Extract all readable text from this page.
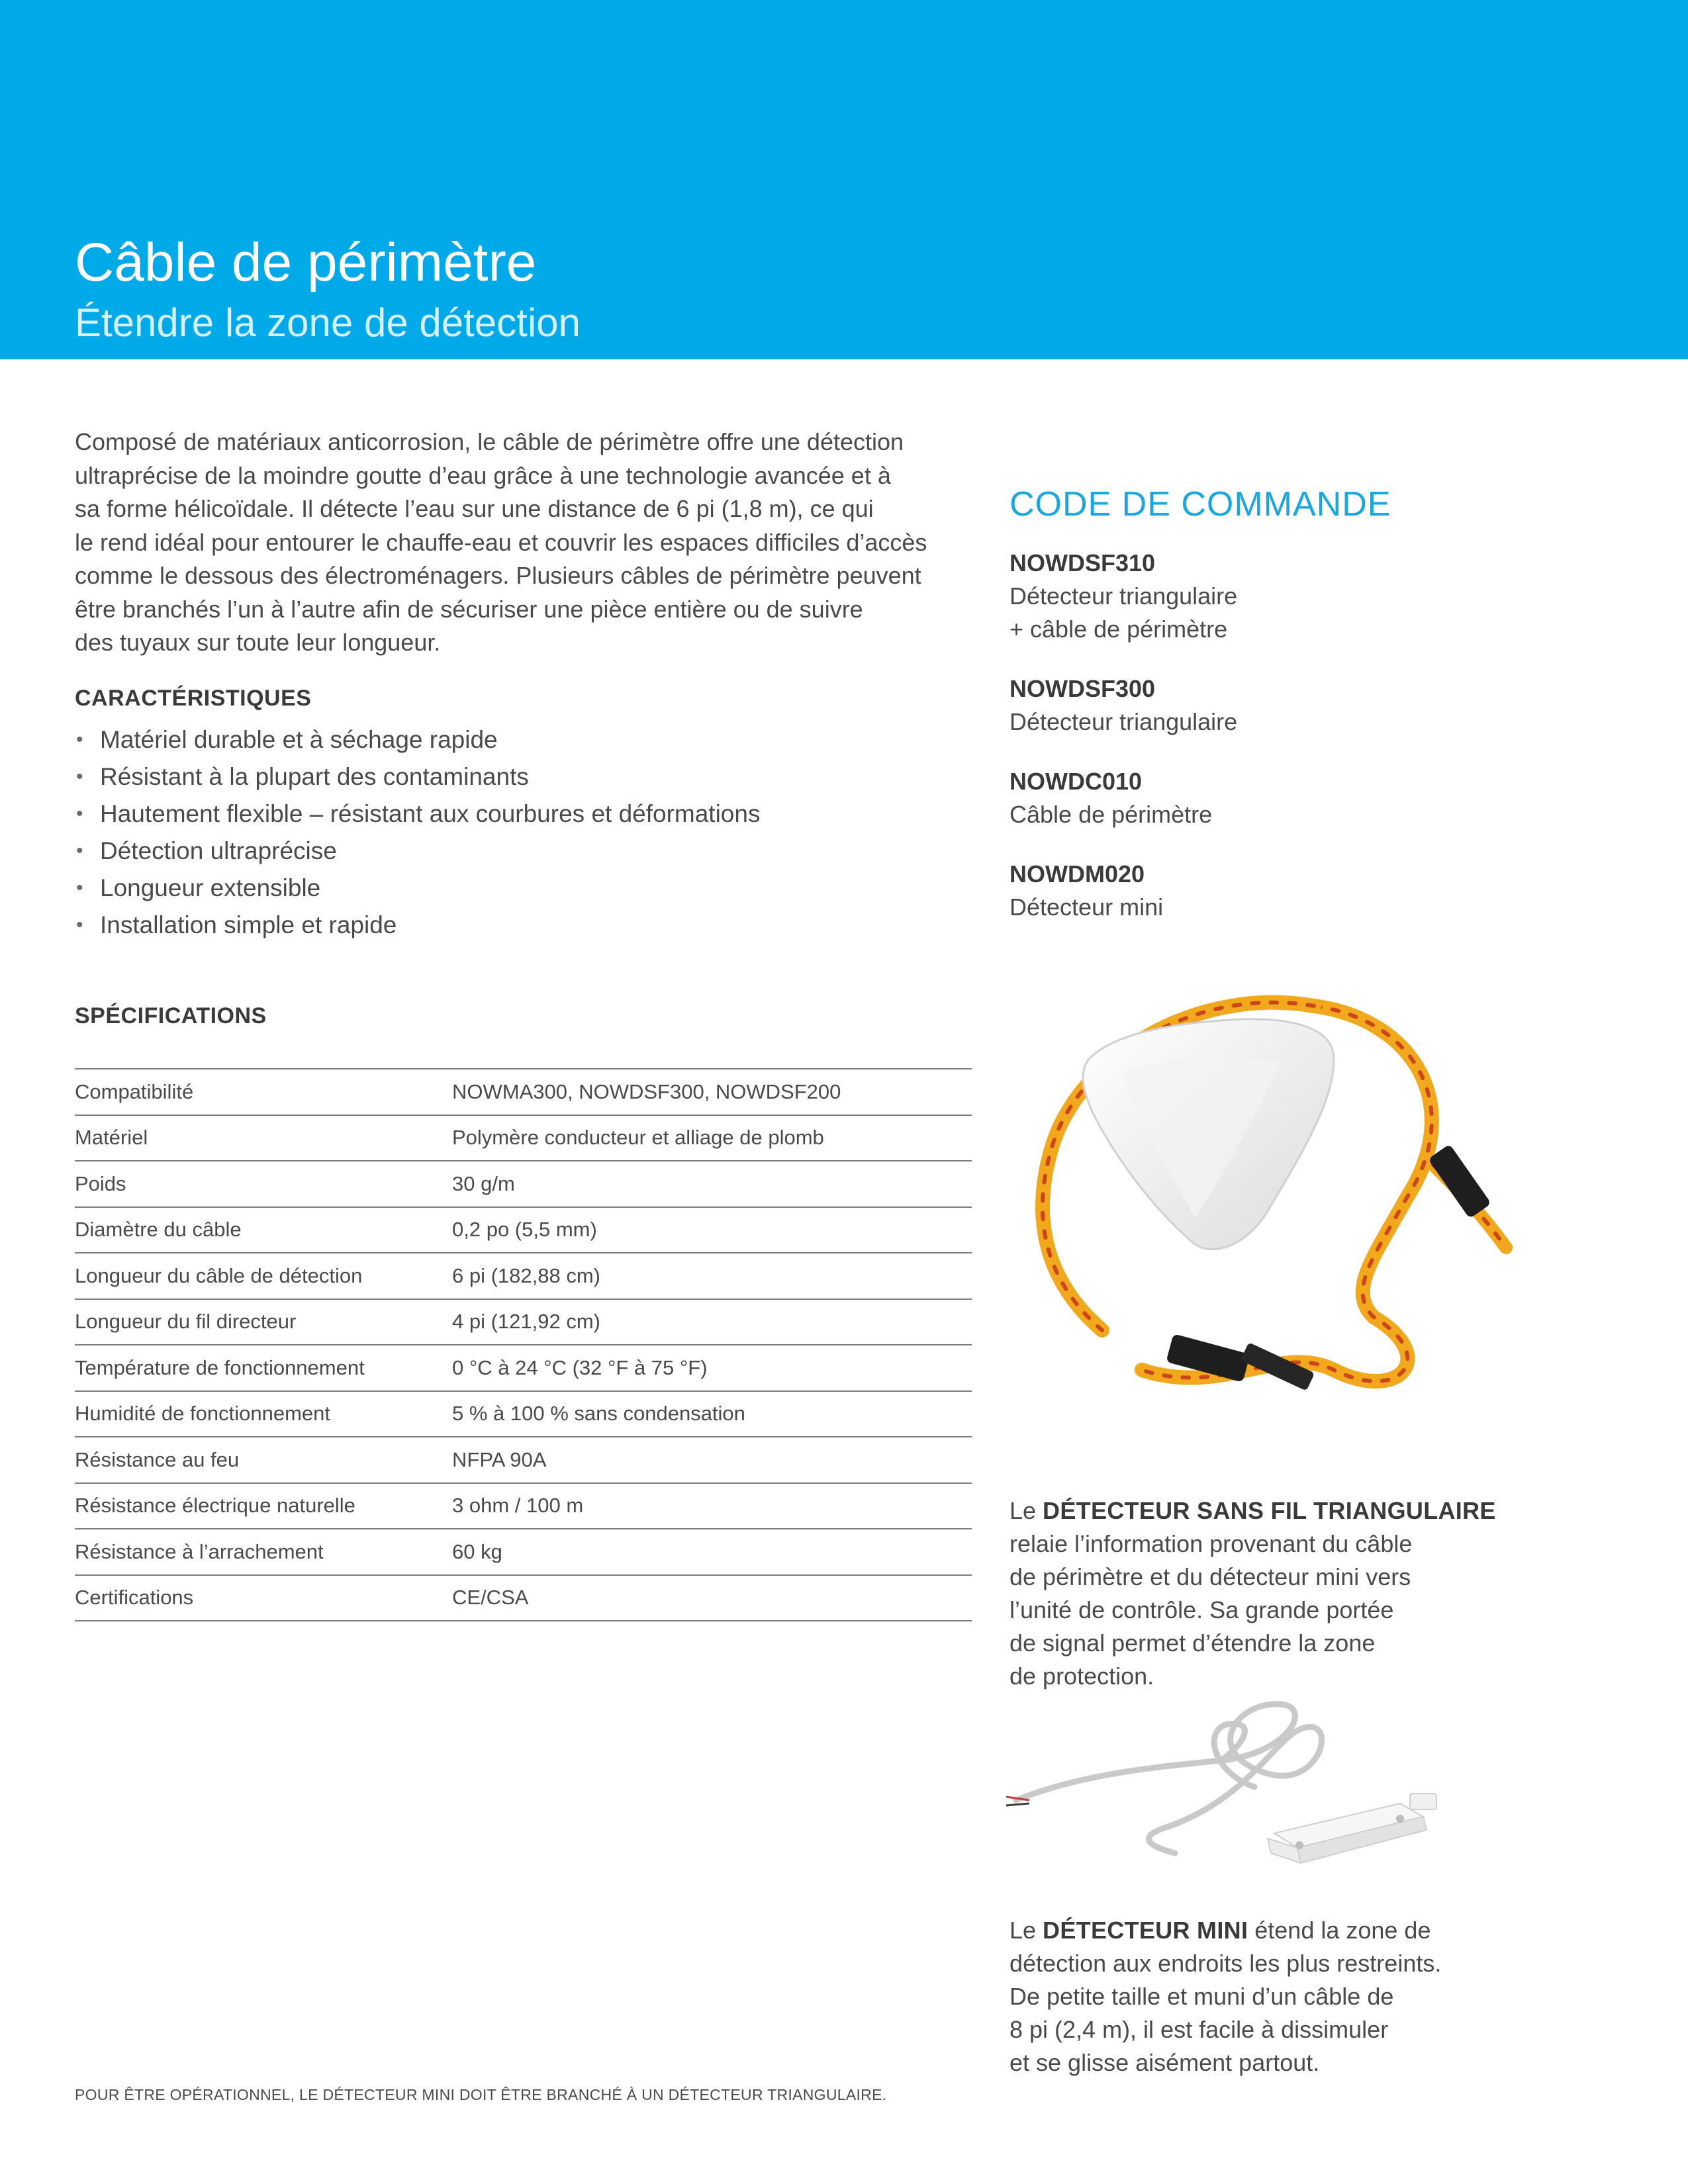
Câble de périmètre
Étendre la zone de détection
Composé de matériaux anticorrosion, le câble de périmètre offre une détection
ultraprécise de la moindre goutte d’eau grâce à une technologie avancée et à
sa forme hélicoïdale. Il détecte l’eau sur une distance de 6 pi (1,8 m), ce qui
le rend idéal pour entourer le chauffe-eau et couvrir les espaces difficiles d’accès
comme le dessous des électroménagers. Plusieurs câbles de périmètre peuvent
être branchés l’un à l’autre afin de sécuriser une pièce entière ou de suivre
des tuyaux sur toute leur longueur.
CARACTÉRISTIQUES
• Matériel durable et à séchage rapide
• Résistant à la plupart des contaminants
• Hautement flexible – résistant aux courbures et déformations
• Détection ultraprécise
• Longueur extensible
• Installation simple et rapide
SPÉCIFICATIONS
Compatibilité	NOWMA300, NOWDSF300, NOWDSF200
Matériel	Polymère conducteur et alliage de plomb
Poids	30 g/m
Diamètre du câble	0,2 po (5,5 mm)
Longueur du câble de détection	6 pi (182,88 cm)
Longueur du fil directeur	4 pi (121,92 cm)
Température de fonctionnement	0 °C à 24 °C (32 °F à 75 °F)
Humidité de fonctionnement	5 % à 100 % sans condensation
Résistance au feu	NFPA 90A
Résistance électrique naturelle	3 ohm / 100 m
Résistance à l’arrachement	60 kg
Certifications	CE/CSA
CODE DE COMMANDE

NOWDSF310

Détecteur triangulaire

+ câble de périmètre

NOWDSF300

Détecteur triangulaire

NOWDC010

Câble de périmètre

NOWDM020

Détecteur mini

Le DÉTECTEUR SANS FIL TRIANGULAIRE
relaie l’information provenant du câble
de périmètre et du détecteur mini vers
l’unité de contrôle. Sa grande portée
de signal permet d’étendre la zone
de protection.

Le DÉTECTEUR MINI étend la zone de
détection aux endroits les plus restreints.
De petite taille et muni d’un câble de
8 pi (2,4 m), il est facile à dissimuler
et se glisse aisément partout.

POUR ÊTRE OPÉRATIONNEL, LE DÉTECTEUR MINI DOIT ÊTRE BRANCHÉ À UN DÉTECTEUR TRIANGULAIRE.
